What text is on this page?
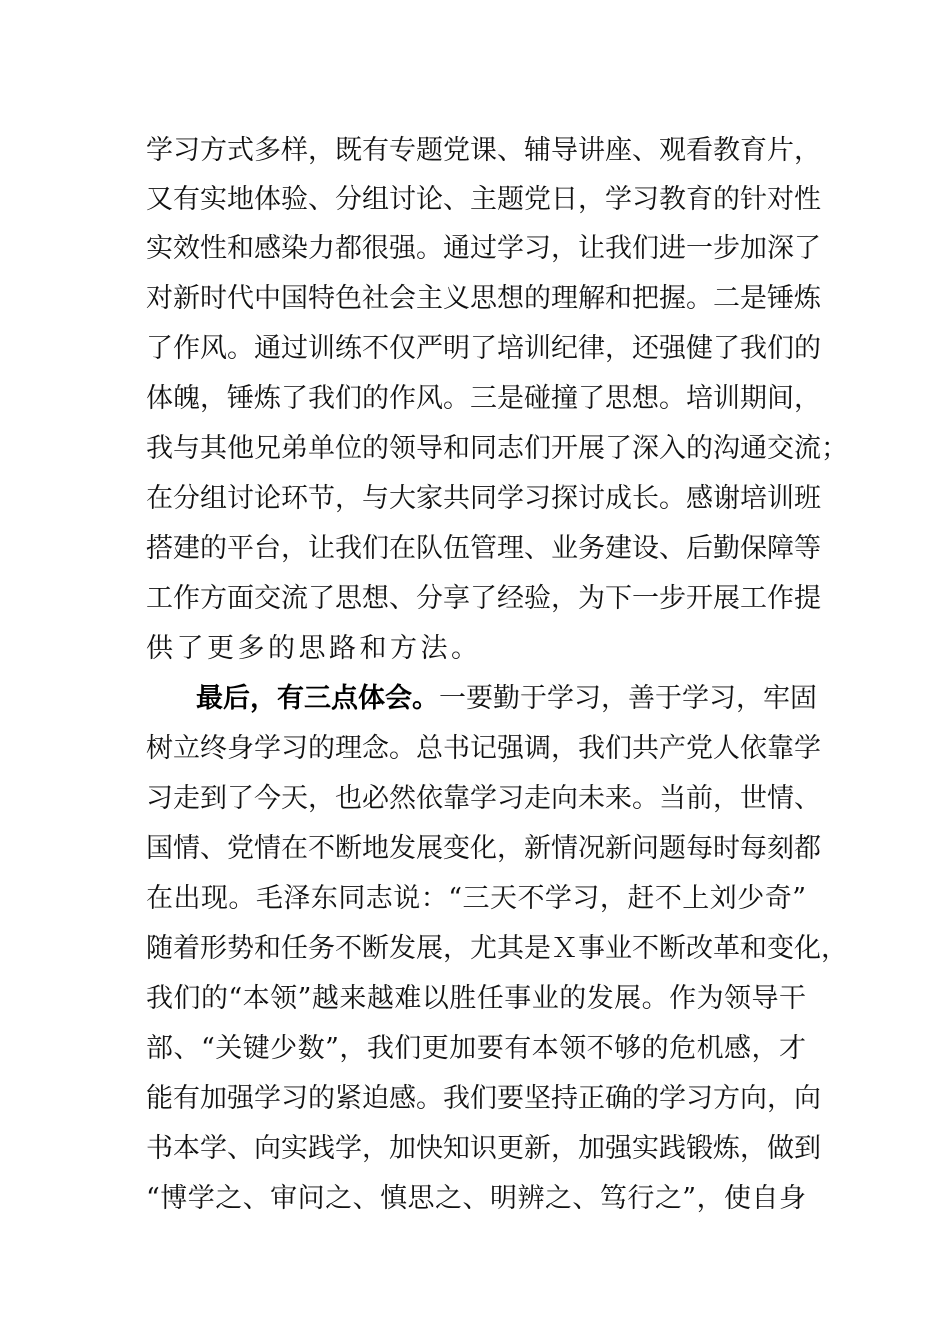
学习方式多样，既有专题党课、辅导讲座、观看教育片，
又有实地体验、分组讨论、主题党日，学习教育的针对性
实效性和感染力都很强。通过学习，让我们进一步加深了
对新时代中国特色社会主义思想的理解和把握。二是锤炼
了作风。通过训练不仅严明了培训纪律，还强健了我们的
体魄，锤炼了我们的作风。三是碰撞了思想。培训期间，
我与其他兄弟单位的领导和同志们开展了深入的沟通交流；
在分组讨论环节，与大家共同学习探讨成长。感谢培训班
搭建的平台，让我们在队伍管理、业务建设、后勤保障等
工作方面交流了思想、分享了经验，为下一步开展工作提
供了更多的思路和方法。
最后，有三点体会。一要勤于学习，善于学习，牢固
树立终身学习的理念。总书记强调，我们共产党人依靠学
习走到了今天，也必然依靠学习走向未来。当前，世情、
国情、党情在不断地发展变化，新情况新问题每时每刻都
在出现。毛泽东同志说：“三天不学习，赶不上刘少奇”
随着形势和任务不断发展，尤其是Ｘ事业不断改革和变化，
我们的“本领”越来越难以胜任事业的发展。作为领导干
部、“关键少数”，我们更加要有本领不够的危机感，才
能有加强学习的紧迫感。我们要坚持正确的学习方向，向
书本学、向实践学，加快知识更新，加强实践锻炼，做到
“博学之、审问之、慎思之、明辨之、笃行之”，使自身
